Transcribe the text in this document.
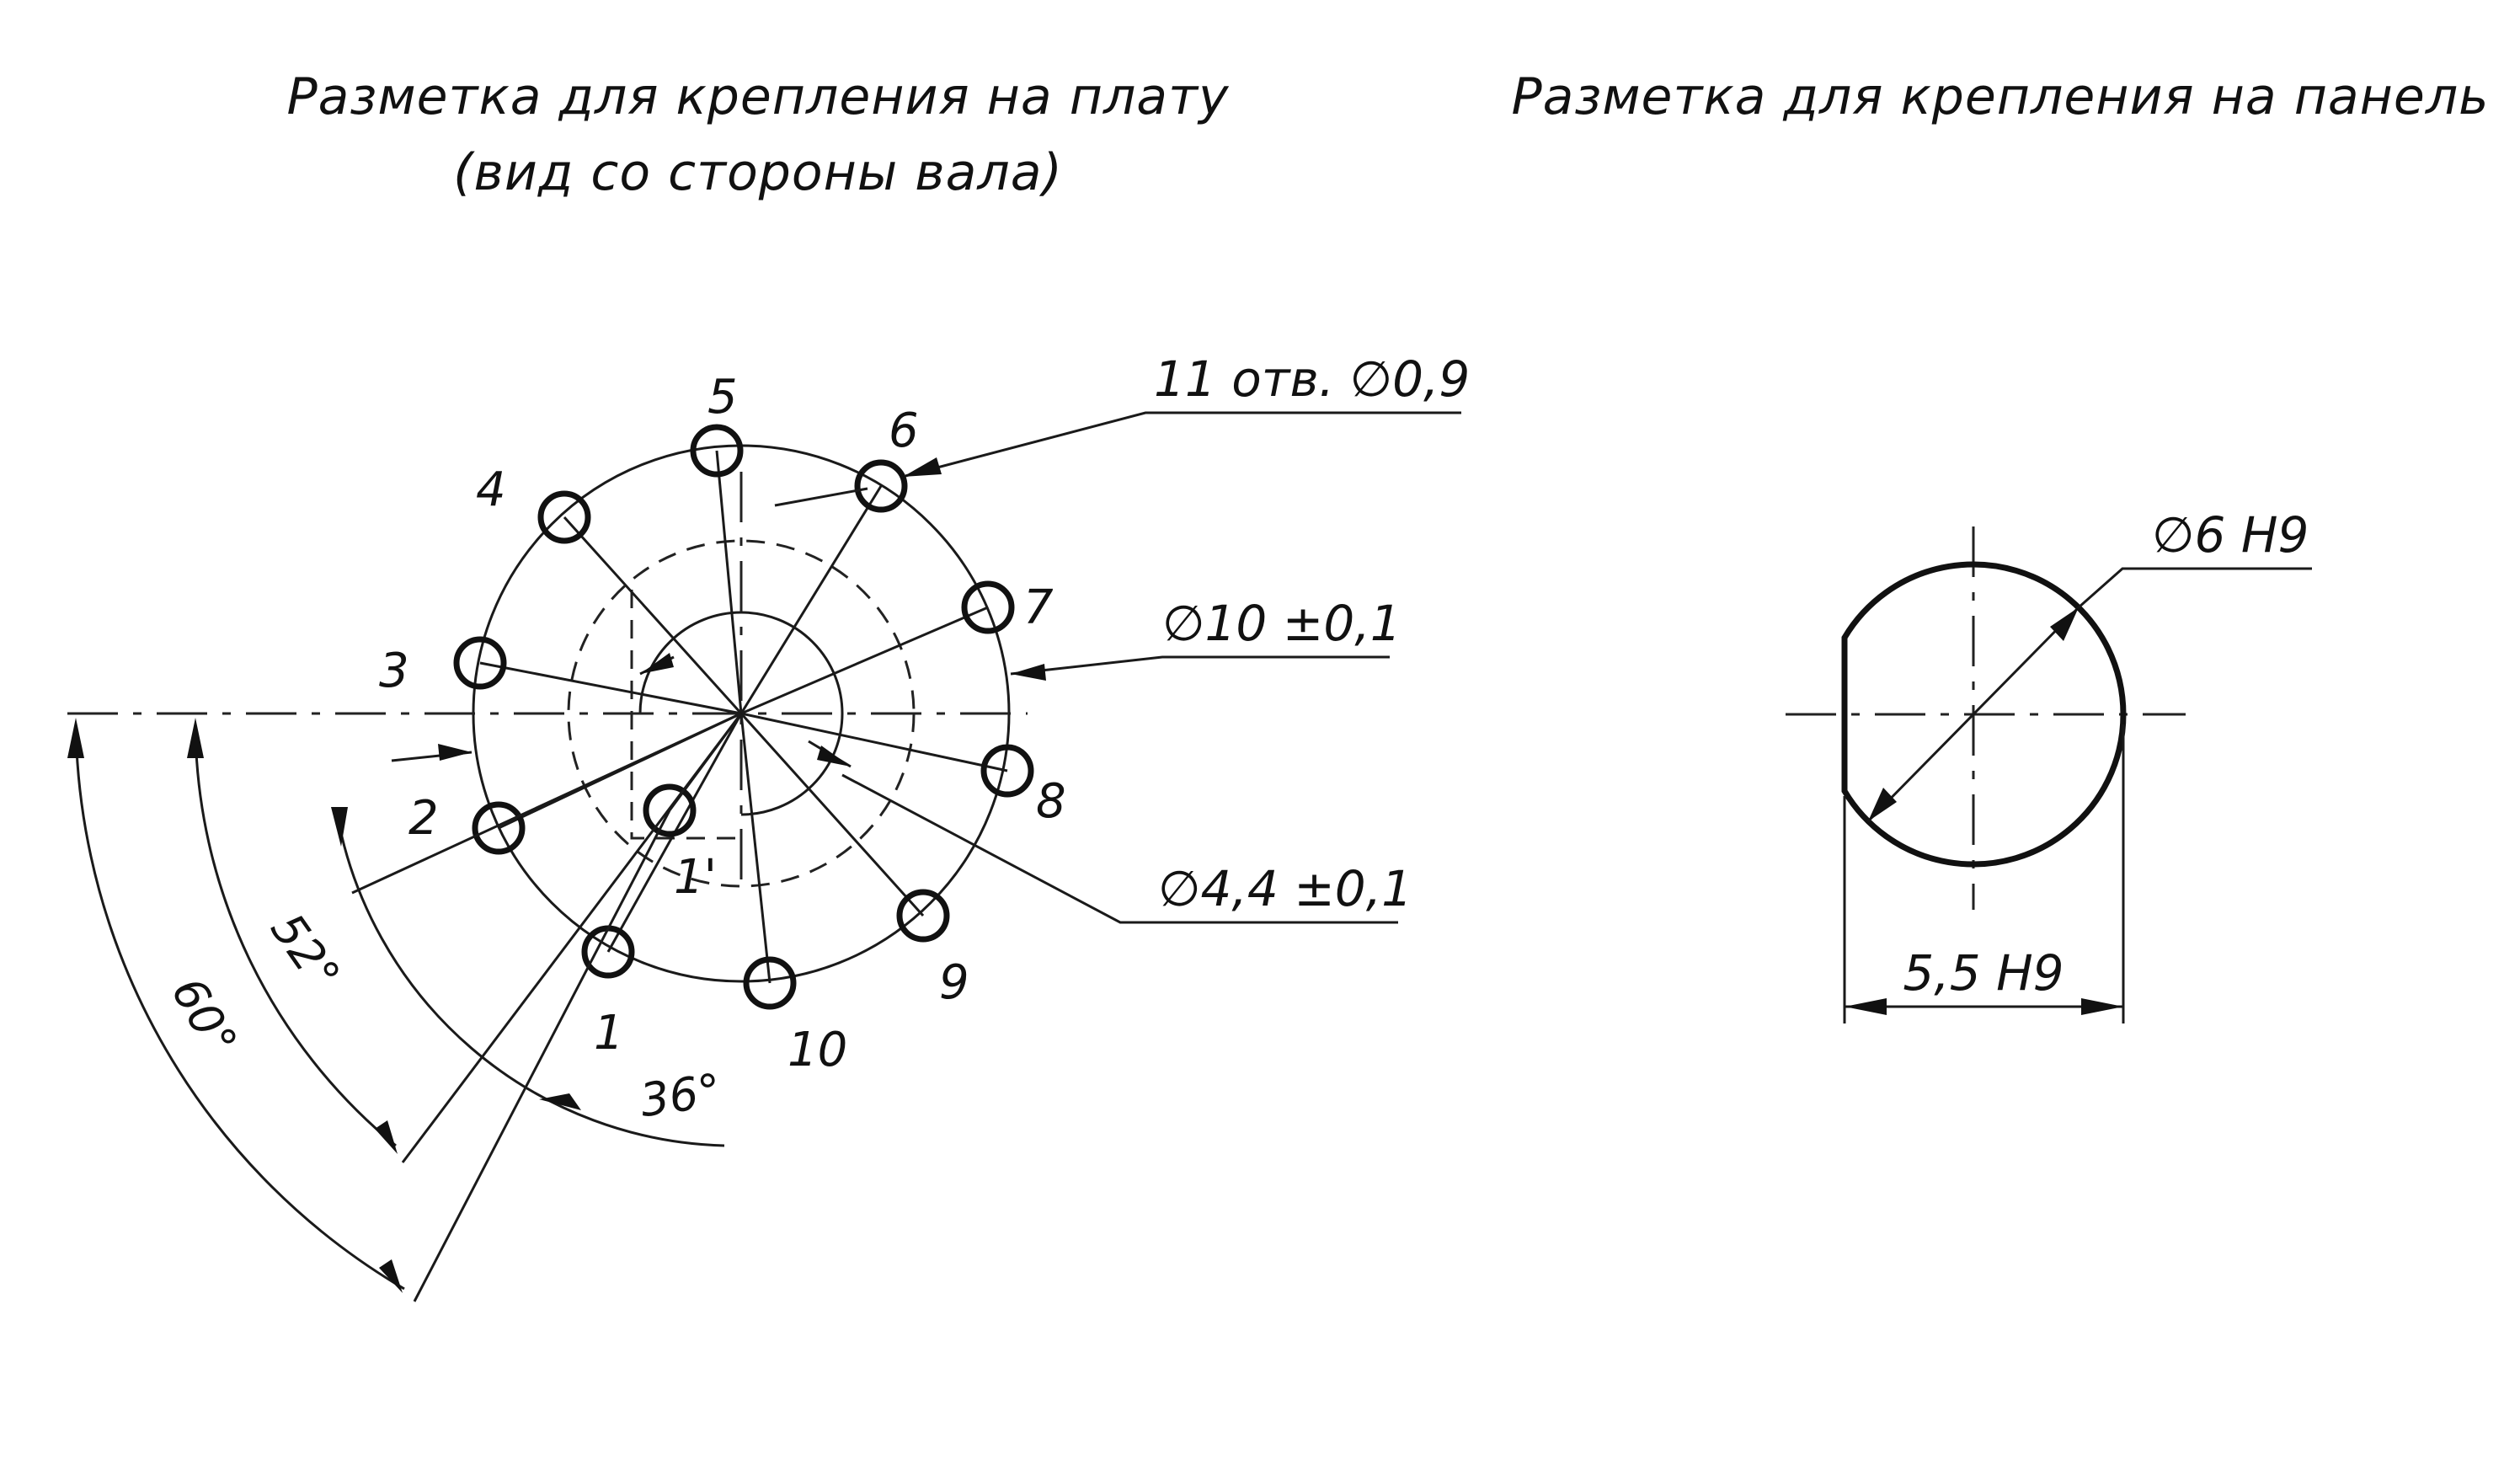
Разметка для крепления на плату
(вид со стороны вала)
Разметка для крепления на панель
1
1'
2
3
4
5
6
7
8
9
10
11 отв. ∅0,9
∅10 ±0,1
∅4,4 ±0,1
36°
52°
60°
∅6 H9
5,5 H9
